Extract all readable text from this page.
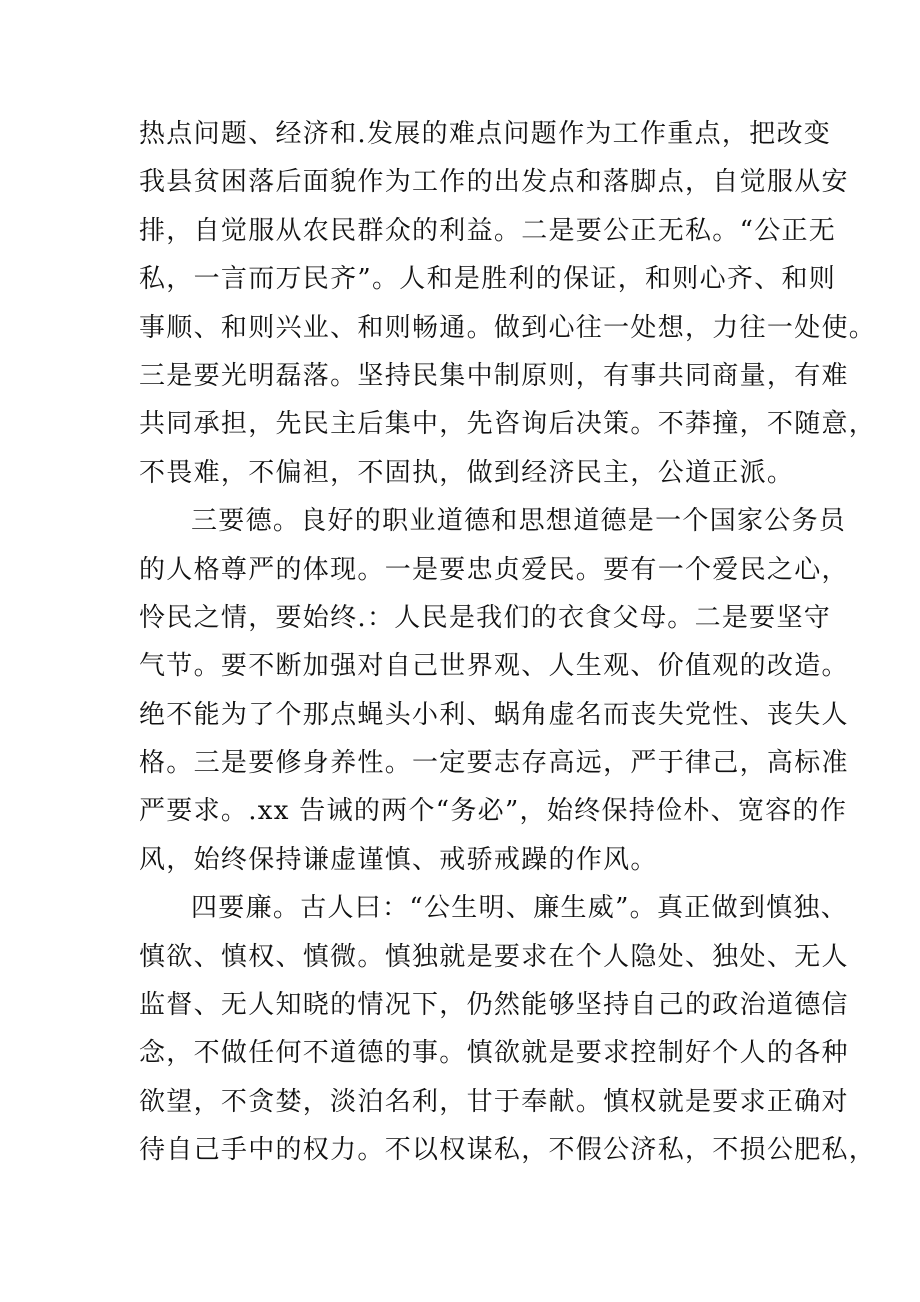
热点问题、经济和.发展的难点问题作为工作重点，把改变
我县贫困落后面貌作为工作的出发点和落脚点，自觉服从安
排，自觉服从农民群众的利益。二是要公正无私。“公正无
私，一言而万民齐”。人和是胜利的保证，和则心齐、和则
事顺、和则兴业、和则畅通。做到心往一处想，力往一处使。
三是要光明磊落。坚持民集中制原则，有事共同商量，有难
共同承担，先民主后集中，先咨询后决策。不莽撞，不随意，
不畏难，不偏袒，不固执，做到经济民主，公道正派。
三要德。良好的职业道德和思想道德是一个国家公务员
的人格尊严的体现。一是要忠贞爱民。要有一个爱民之心，
怜民之情，要始终.：人民是我们的衣食父母。二是要坚守
气节。要不断加强对自己世界观、人生观、价值观的改造。
绝不能为了个那点蝇头小利、蜗角虚名而丧失党性、丧失人
格。三是要修身养性。一定要志存高远，严于律己，高标准
严要求。.xx 告诫的两个“务必”，始终保持俭朴、宽容的作
风，始终保持谦虚谨慎、戒骄戒躁的作风。
四要廉。古人曰：“公生明、廉生威”。真正做到慎独、
慎欲、慎权、慎微。慎独就是要求在个人隐处、独处、无人
监督、无人知晓的情况下，仍然能够坚持自己的政治道德信
念，不做任何不道德的事。慎欲就是要求控制好个人的各种
欲望，不贪婪，淡泊名利，甘于奉献。慎权就是要求正确对
待自己手中的权力。不以权谋私，不假公济私，不损公肥私，
